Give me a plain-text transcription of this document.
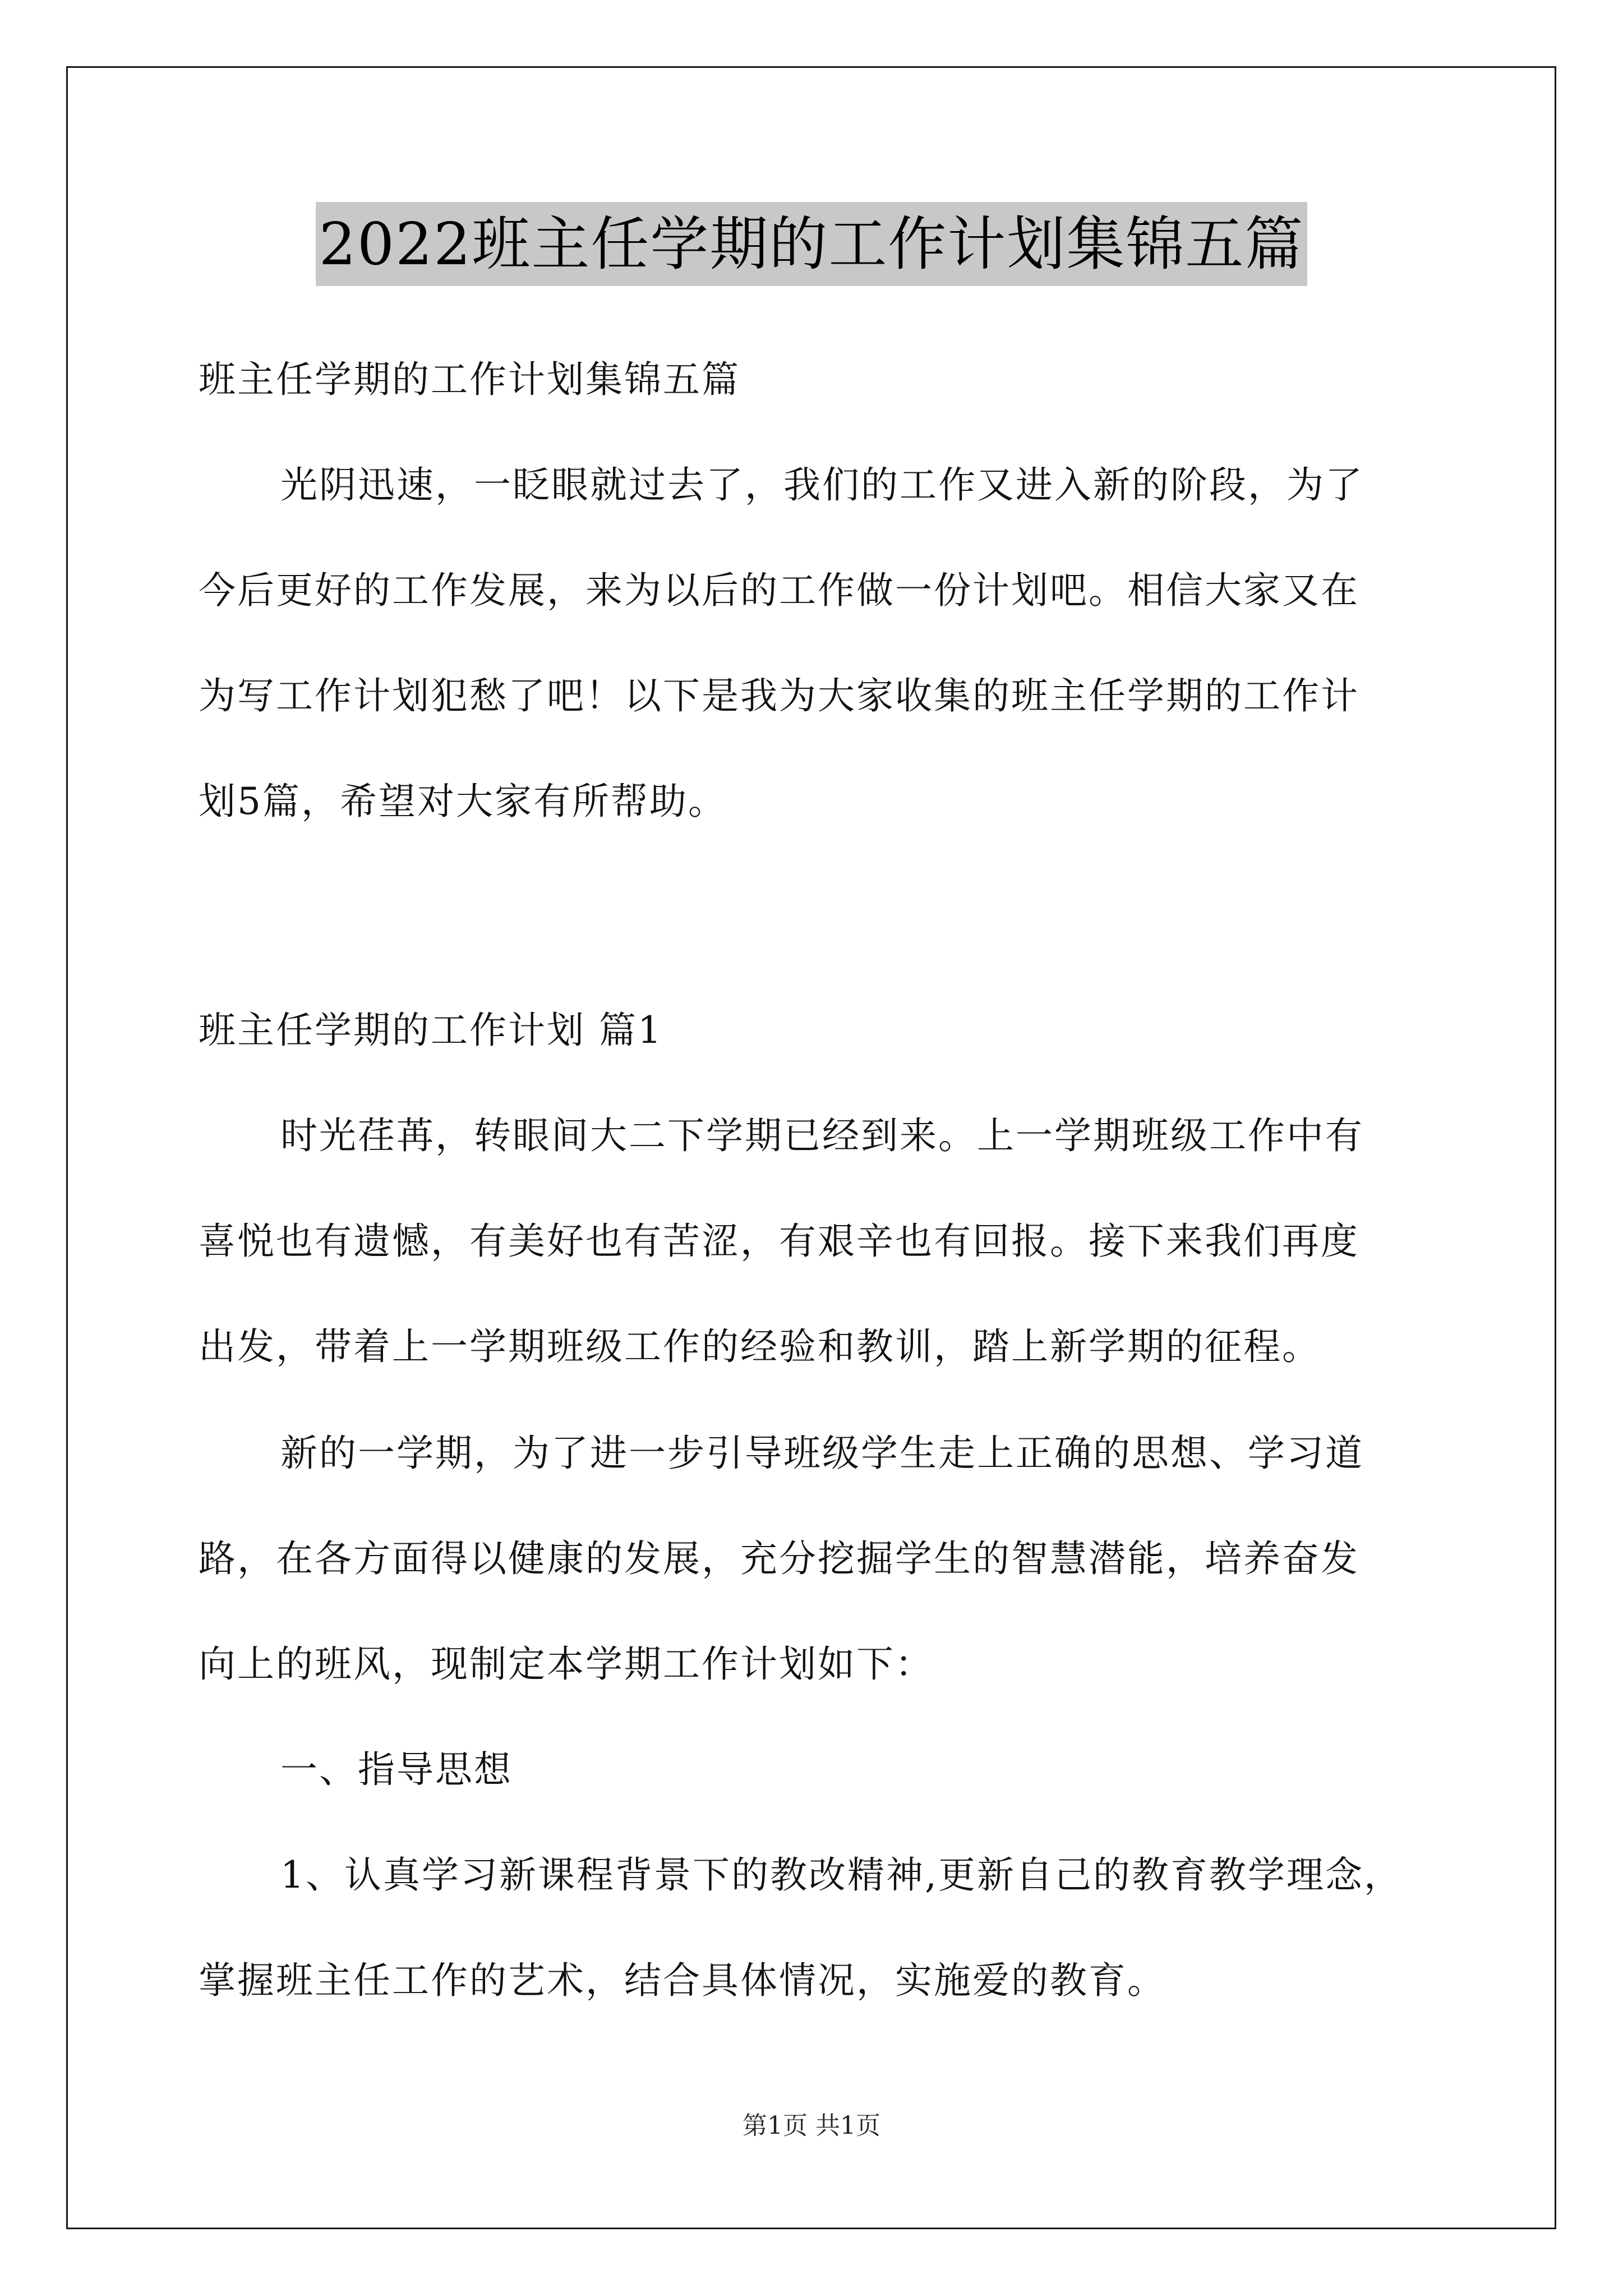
2022班主任学期的工作计划集锦五篇
班主任学期的工作计划集锦五篇
光阴迅速，一眨眼就过去了，我们的工作又进入新的阶段，为了
今后更好的工作发展，来为以后的工作做一份计划吧。相信大家又在
为写工作计划犯愁了吧！以下是我为大家收集的班主任学期的工作计
划5篇，希望对大家有所帮助。
班主任学期的工作计划 篇1
时光荏苒，转眼间大二下学期已经到来。上一学期班级工作中有
喜悦也有遗憾，有美好也有苦涩，有艰辛也有回报。接下来我们再度
出发，带着上一学期班级工作的经验和教训，踏上新学期的征程。
新的一学期，为了进一步引导班级学生走上正确的思想、学习道
路，在各方面得以健康的发展，充分挖掘学生的智慧潜能，培养奋发
向上的班风，现制定本学期工作计划如下：
一、指导思想
1、认真学习新课程背景下的教改精神,更新自己的教育教学理念，
掌握班主任工作的艺术，结合具体情况，实施爱的教育。
第1页 共1页
